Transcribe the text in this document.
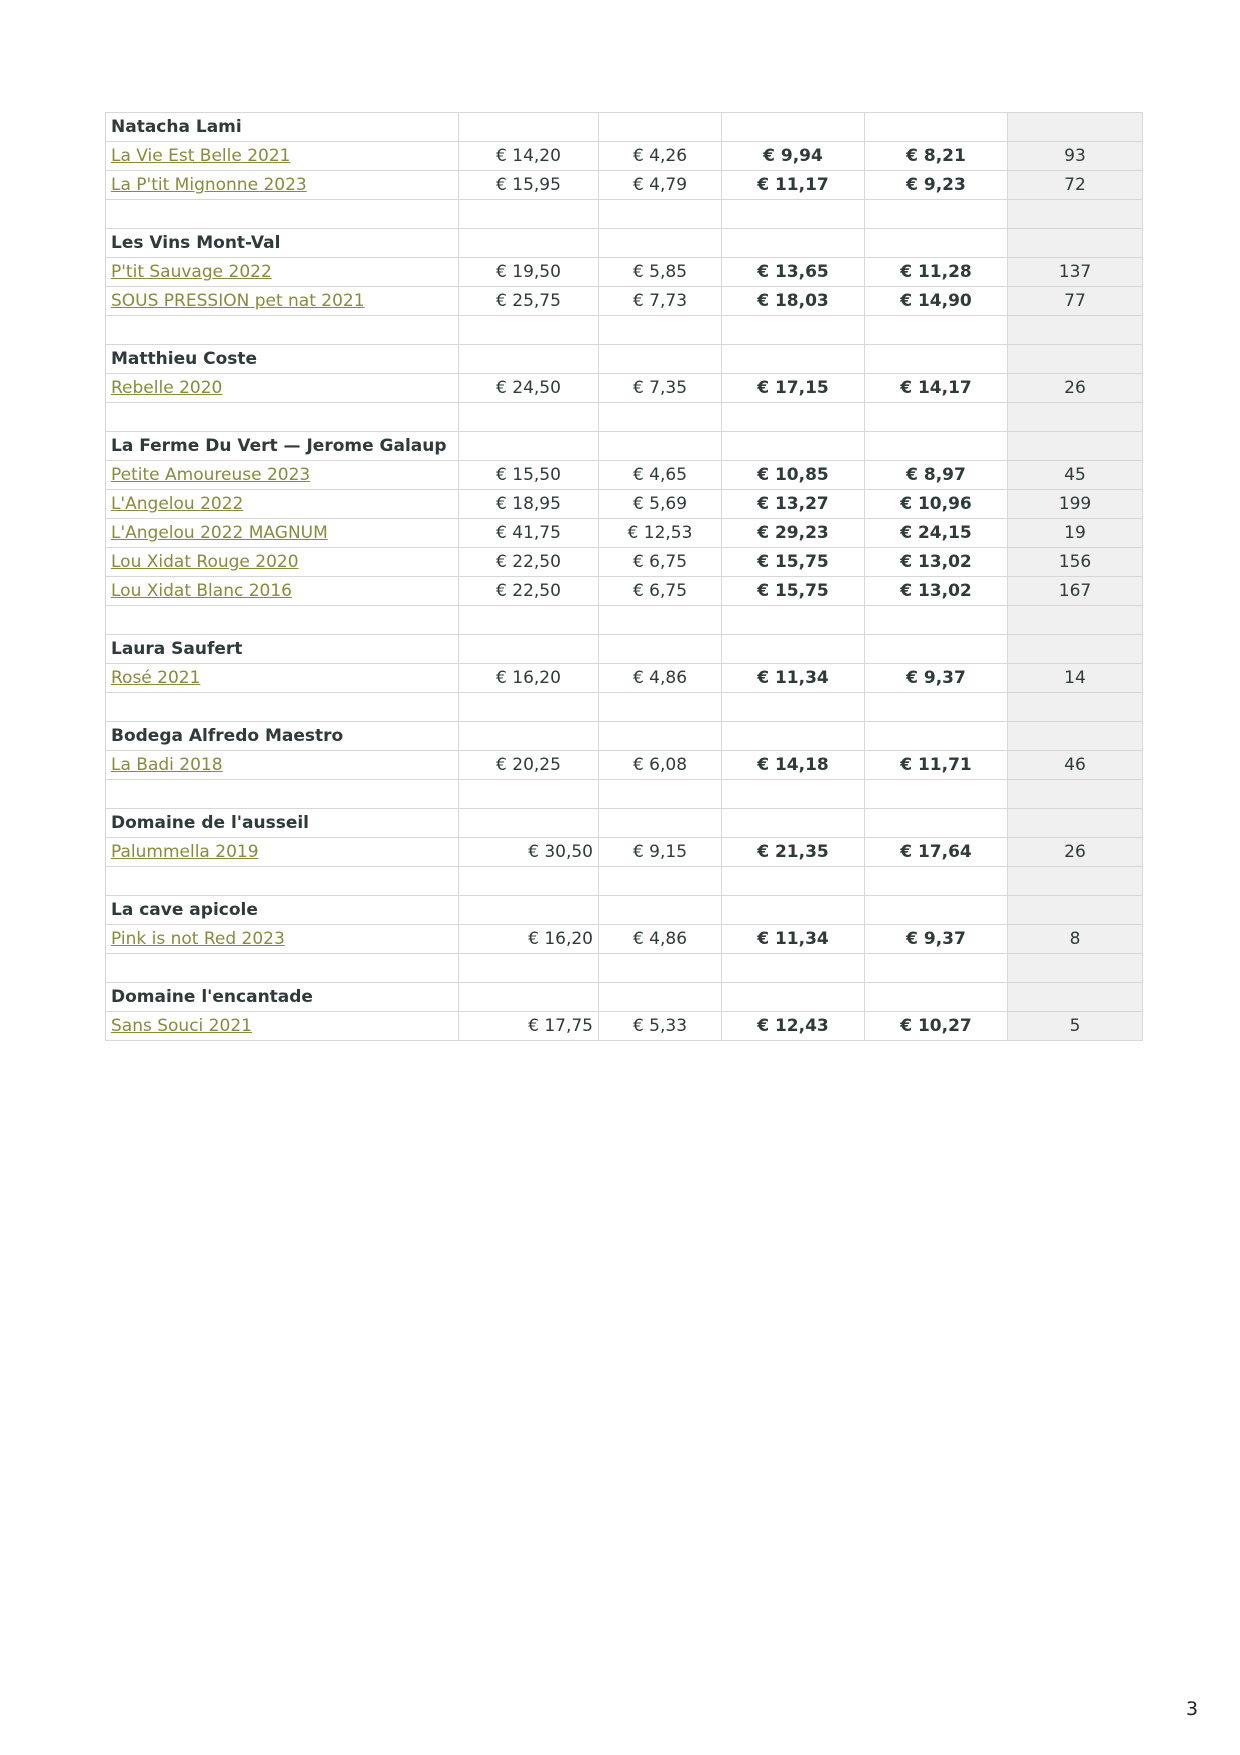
Natacha Lami					
La Vie Est Belle 2021	€ 14,20	€ 4,26	€ 9,94	€ 8,21	93
La P'tit Mignonne 2023	€ 15,95	€ 4,79	€ 11,17	€ 9,23	72

Les Vins Mont-Val					
P'tit Sauvage 2022	€ 19,50	€ 5,85	€ 13,65	€ 11,28	137
SOUS PRESSION pet nat 2021	€ 25,75	€ 7,73	€ 18,03	€ 14,90	77

Matthieu Coste					
Rebelle 2020	€ 24,50	€ 7,35	€ 17,15	€ 14,17	26

La Ferme Du Vert — Jerome Galaup					
Petite Amoureuse 2023	€ 15,50	€ 4,65	€ 10,85	€ 8,97	45
L'Angelou 2022	€ 18,95	€ 5,69	€ 13,27	€ 10,96	199
L'Angelou 2022 MAGNUM	€ 41,75	€ 12,53	€ 29,23	€ 24,15	19
Lou Xidat Rouge 2020	€ 22,50	€ 6,75	€ 15,75	€ 13,02	156
Lou Xidat Blanc 2016	€ 22,50	€ 6,75	€ 15,75	€ 13,02	167

Laura Saufert					
Rosé 2021	€ 16,20	€ 4,86	€ 11,34	€ 9,37	14

Bodega Alfredo Maestro					
La Badi 2018	€ 20,25	€ 6,08	€ 14,18	€ 11,71	46

Domaine de l'ausseil					
Palummella 2019	€ 30,50	€ 9,15	€ 21,35	€ 17,64	26

La cave apicole					
Pink is not Red 2023	€ 16,20	€ 4,86	€ 11,34	€ 9,37	8

Domaine l'encantade					
Sans Souci 2021	€ 17,75	€ 5,33	€ 12,43	€ 10,27	5
3
